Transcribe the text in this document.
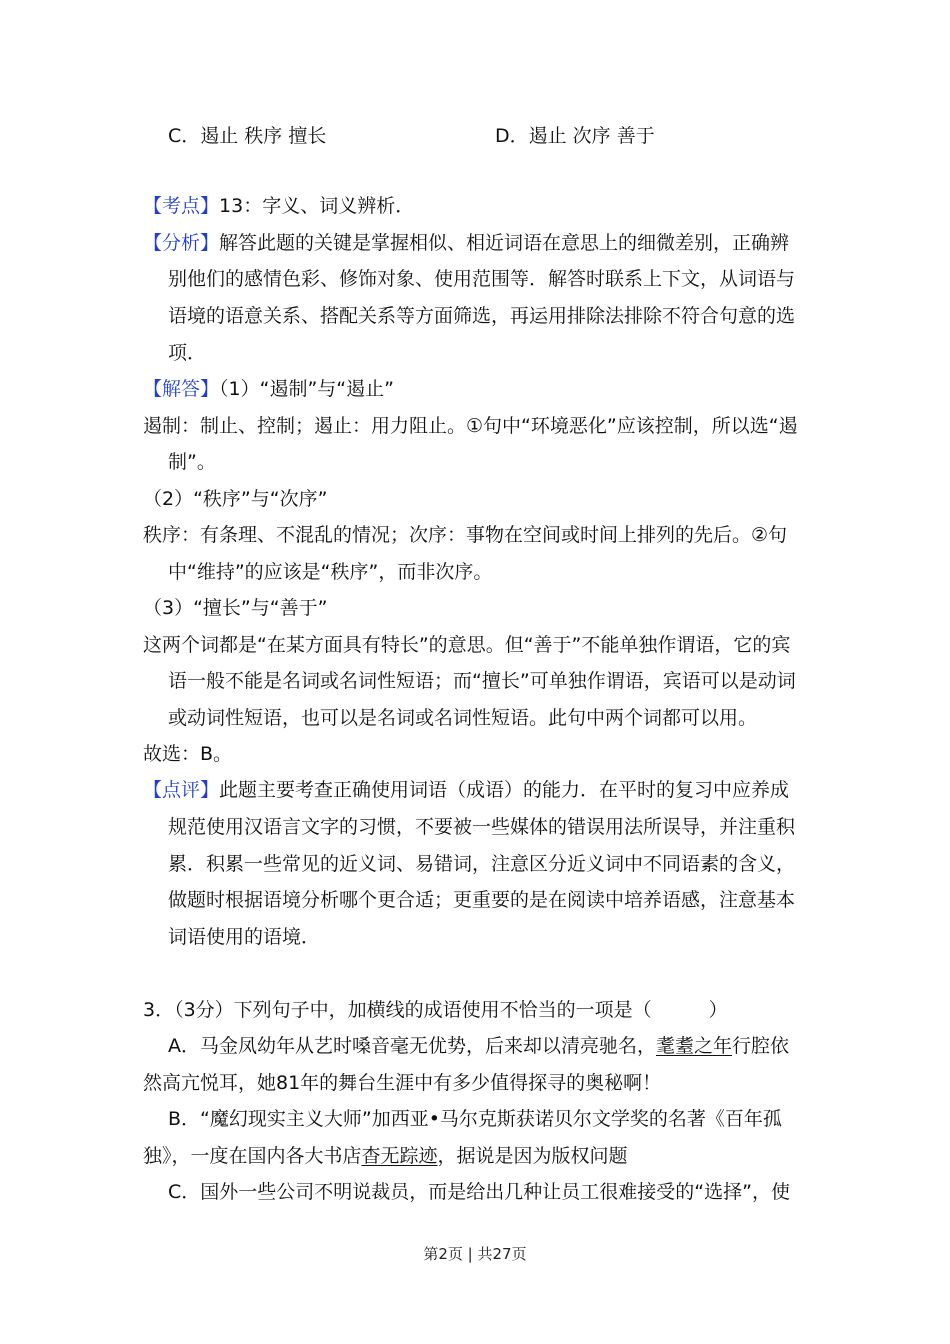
C．遏止 秩序 擅长	D．遏止 次序 善于
【考点】13：字义、词义辨析．
【分析】解答此题的关键是掌握相似、相近词语在意思上的细微差别，正确辨
别他们的感情色彩、修饰对象、使用范围等．解答时联系上下文，从词语与
语境的语意关系、搭配关系等方面筛选，再运用排除法排除不符合句意的选
项．
【解答】（1）“遏制”与“遏止”
遏制：制止、控制；遏止：用力阻止。①句中“环境恶化”应该控制，所以选“遏
制”。
（2）“秩序”与“次序”
秩序：有条理、不混乱的情况；次序：事物在空间或时间上排列的先后。②句
中“维持”的应该是“秩序”，而非次序。
（3）“擅长”与“善于”
这两个词都是“在某方面具有特长”的意思。但“善于”不能单独作谓语，它的宾
语一般不能是名词或名词性短语；而“擅长”可单独作谓语，宾语可以是动词
或动词性短语，也可以是名词或名词性短语。此句中两个词都可以用。
故选：B。
【点评】此题主要考查正确使用词语（成语）的能力．在平时的复习中应养成
规范使用汉语言文字的习惯，不要被一些媒体的错误用法所误导，并注重积
累．积累一些常见的近义词、易错词，注意区分近义词中不同语素的含义，
做题时根据语境分析哪个更合适；更重要的是在阅读中培养语感，注意基本
词语使用的语境．
3．（3分）下列句子中，加横线的成语使用不恰当的一项是（　　　）
A．马金凤幼年从艺时嗓音毫无优势，后来却以清亮驰名，耄耋之年行腔依
然高亢悦耳，她81年的舞台生涯中有多少值得探寻的奥秘啊！
B．“魔幻现实主义大师”加西亚•马尔克斯获诺贝尔文学奖的名著《百年孤
独》，一度在国内各大书店杳无踪迹，据说是因为版权问题
C．国外一些公司不明说裁员，而是给出几种让员工很难接受的“选择”，使
第2页 | 共27页
